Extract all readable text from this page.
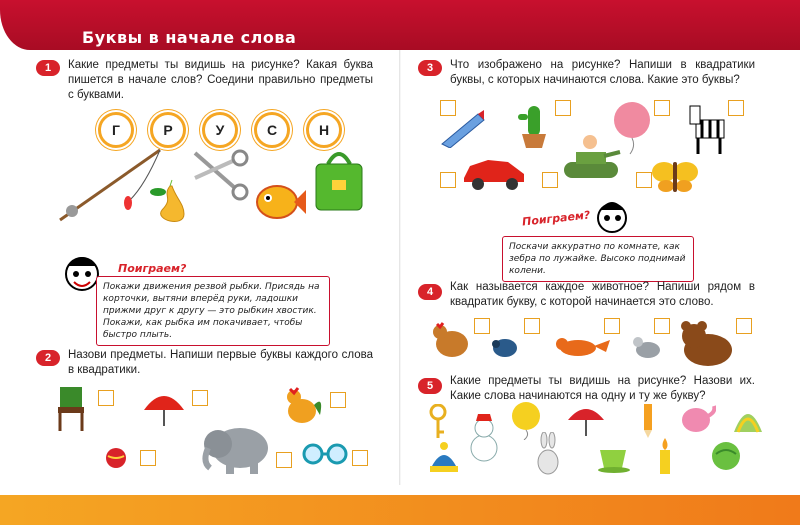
Буквы в начале слова
1	Какие предметы ты видишь на рисунке? Какая буква пишется в начале слов? Соедини правильно предметы с буквами.
Г	Р	У	С	Н
Поиграем?
Покажи движения резвой рыбки. Присядь на корточки, вытяни вперёд руки, ладошки прижми друг к другу — это рыбкин хвостик. Покажи, как рыбка им покачивает, чтобы быстро плыть.
2	Назови предметы. Напиши первые буквы каждого слова в квадратики.
3	Что изображено на рисунке? Напиши в квадратики буквы, с которых начинаются слова. Какие это буквы?
Поиграем?
Поскачи аккуратно по комнате, как зебра по лужайке. Высоко поднимай колени.
4	Как называется каждое животное? Напиши рядом в квадратик букву, с которой начинается это слово.
5	Какие предметы ты видишь на рисунке? Назови их. Какие слова начинаются на одну и ту же букву?
